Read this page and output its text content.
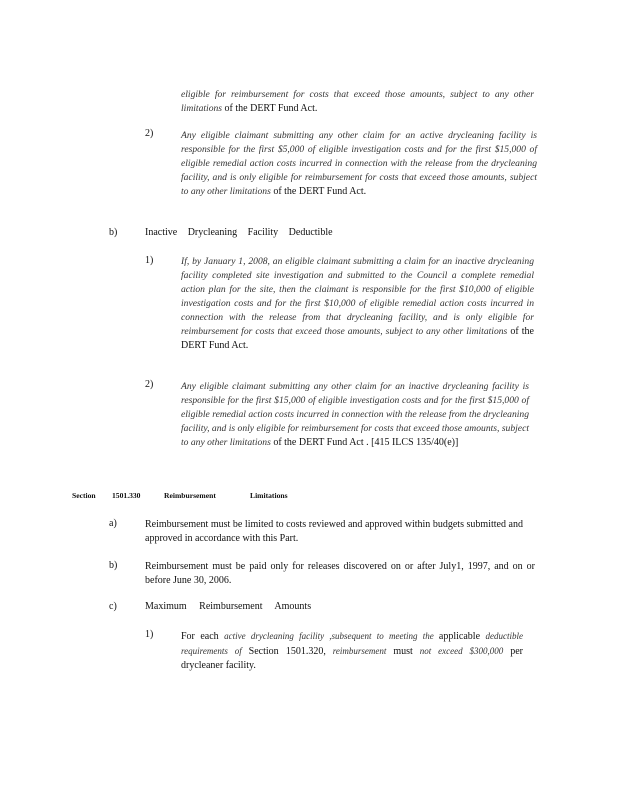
eligible for reimbursement for costs that exceed those amounts, subject to any other limitations of the DERT Fund Act.
2)	Any eligible claimant submitting any other claim for an active drycleaning facility is responsible for the first $5,000 of eligible investigation costs and for the first $15,000 of eligible remedial action costs incurred in connection with the release from the drycleaning facility, and is only eligible for reimbursement for costs that exceed those amounts, subject to any other limitations of the DERT Fund Act.
b)	Inactive Drycleaning Facility Deductible
1)	If, by January 1, 2008, an eligible claimant submitting a claim for an inactive drycleaning facility completed site investigation and submitted to the Council a complete remedial action plan for the site, then the claimant is responsible for the first $10,000 of eligible investigation costs and for the first $10,000 of eligible remedial action costs incurred in connection with the release from that drycleaning facility, and is only eligible for reimbursement for costs that exceed those amounts, subject to any other limitations of the DERT Fund Act.
2)	Any eligible claimant submitting any other claim for an inactive drycleaning facility is responsible for the first $15,000 of eligible investigation costs and for the first $15,000 of eligible remedial action costs incurred in connection with the release from the drycleaning facility, and is only eligible for reimbursement for costs that exceed those amounts, subject to any other limitations of the DERT Fund Act . [415 ILCS 135/40(e)]
Section 1501.330	Reimbursement	Limitations
a)	Reimbursement must be limited to costs reviewed and approved within budgets submitted and approved in accordance with this Part.
b)	Reimbursement must be paid only for releases discovered on or after July1, 1997, and on or before June 30, 2006.
c)	Maximum Reimbursement Amounts
1)	For each active drycleaning facility ,subsequent to meeting the applicable deductible requirements of Section 1501.320, reimbursement must not exceed $300,000 per drycleaner facility.
